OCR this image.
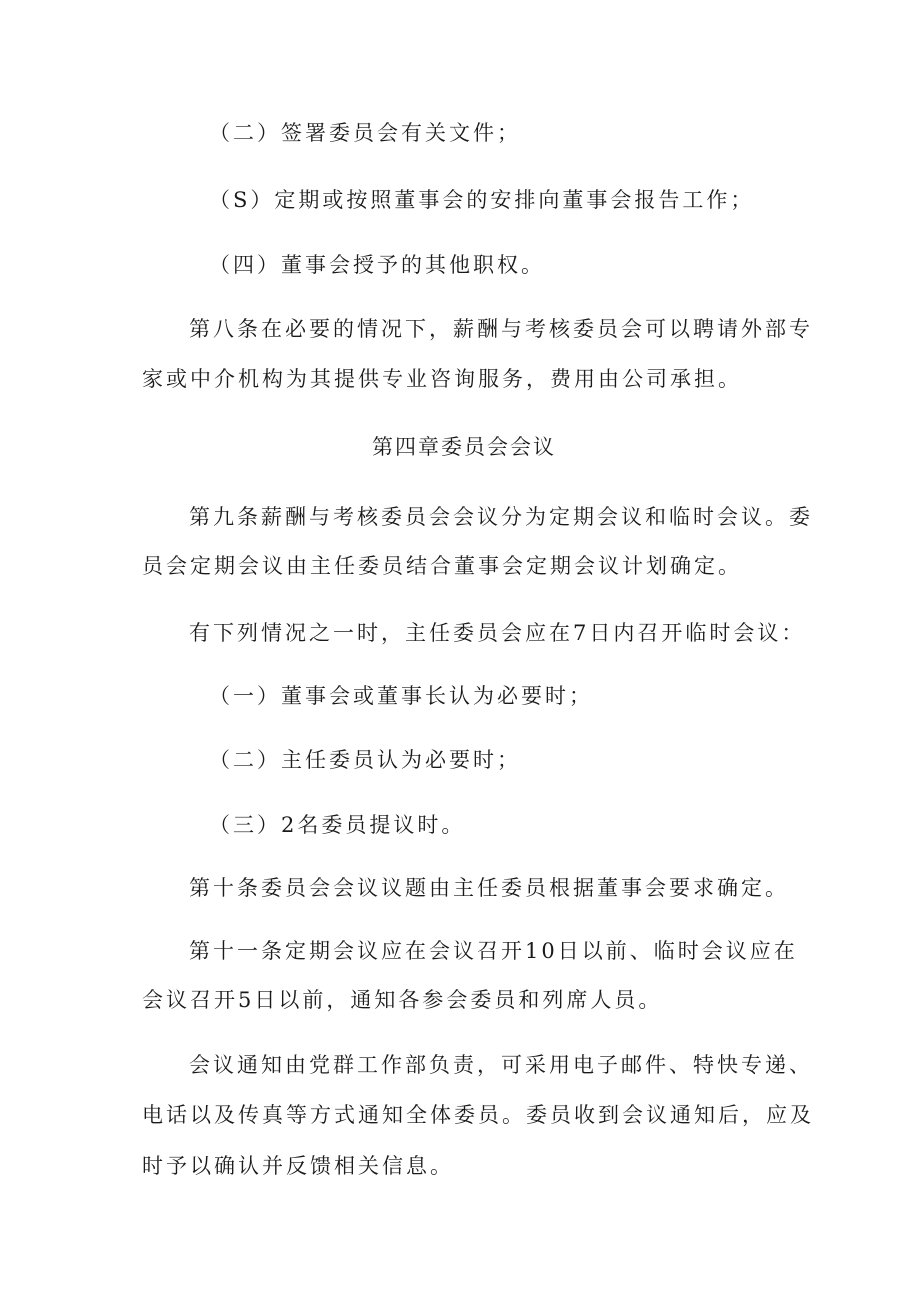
（二）签署委员会有关文件；
（S）定期或按照董事会的安排向董事会报告工作；
（四）董事会授予的其他职权。
第八条在必要的情况下，薪酬与考核委员会可以聘请外部专
家或中介机构为其提供专业咨询服务，费用由公司承担。
第四章委员会会议
第九条薪酬与考核委员会会议分为定期会议和临时会议。委
员会定期会议由主任委员结合董事会定期会议计划确定。
有下列情况之一时，主任委员会应在7日内召开临时会议：
（一）董事会或董事长认为必要时；
（二）主任委员认为必要时；
（三）2名委员提议时。
第十条委员会会议议题由主任委员根据董事会要求确定。
第十一条定期会议应在会议召开10日以前、临时会议应在
会议召开5日以前，通知各参会委员和列席人员。
会议通知由党群工作部负责，可采用电子邮件、特快专递、
电话以及传真等方式通知全体委员。委员收到会议通知后，应及
时予以确认并反馈相关信息。
